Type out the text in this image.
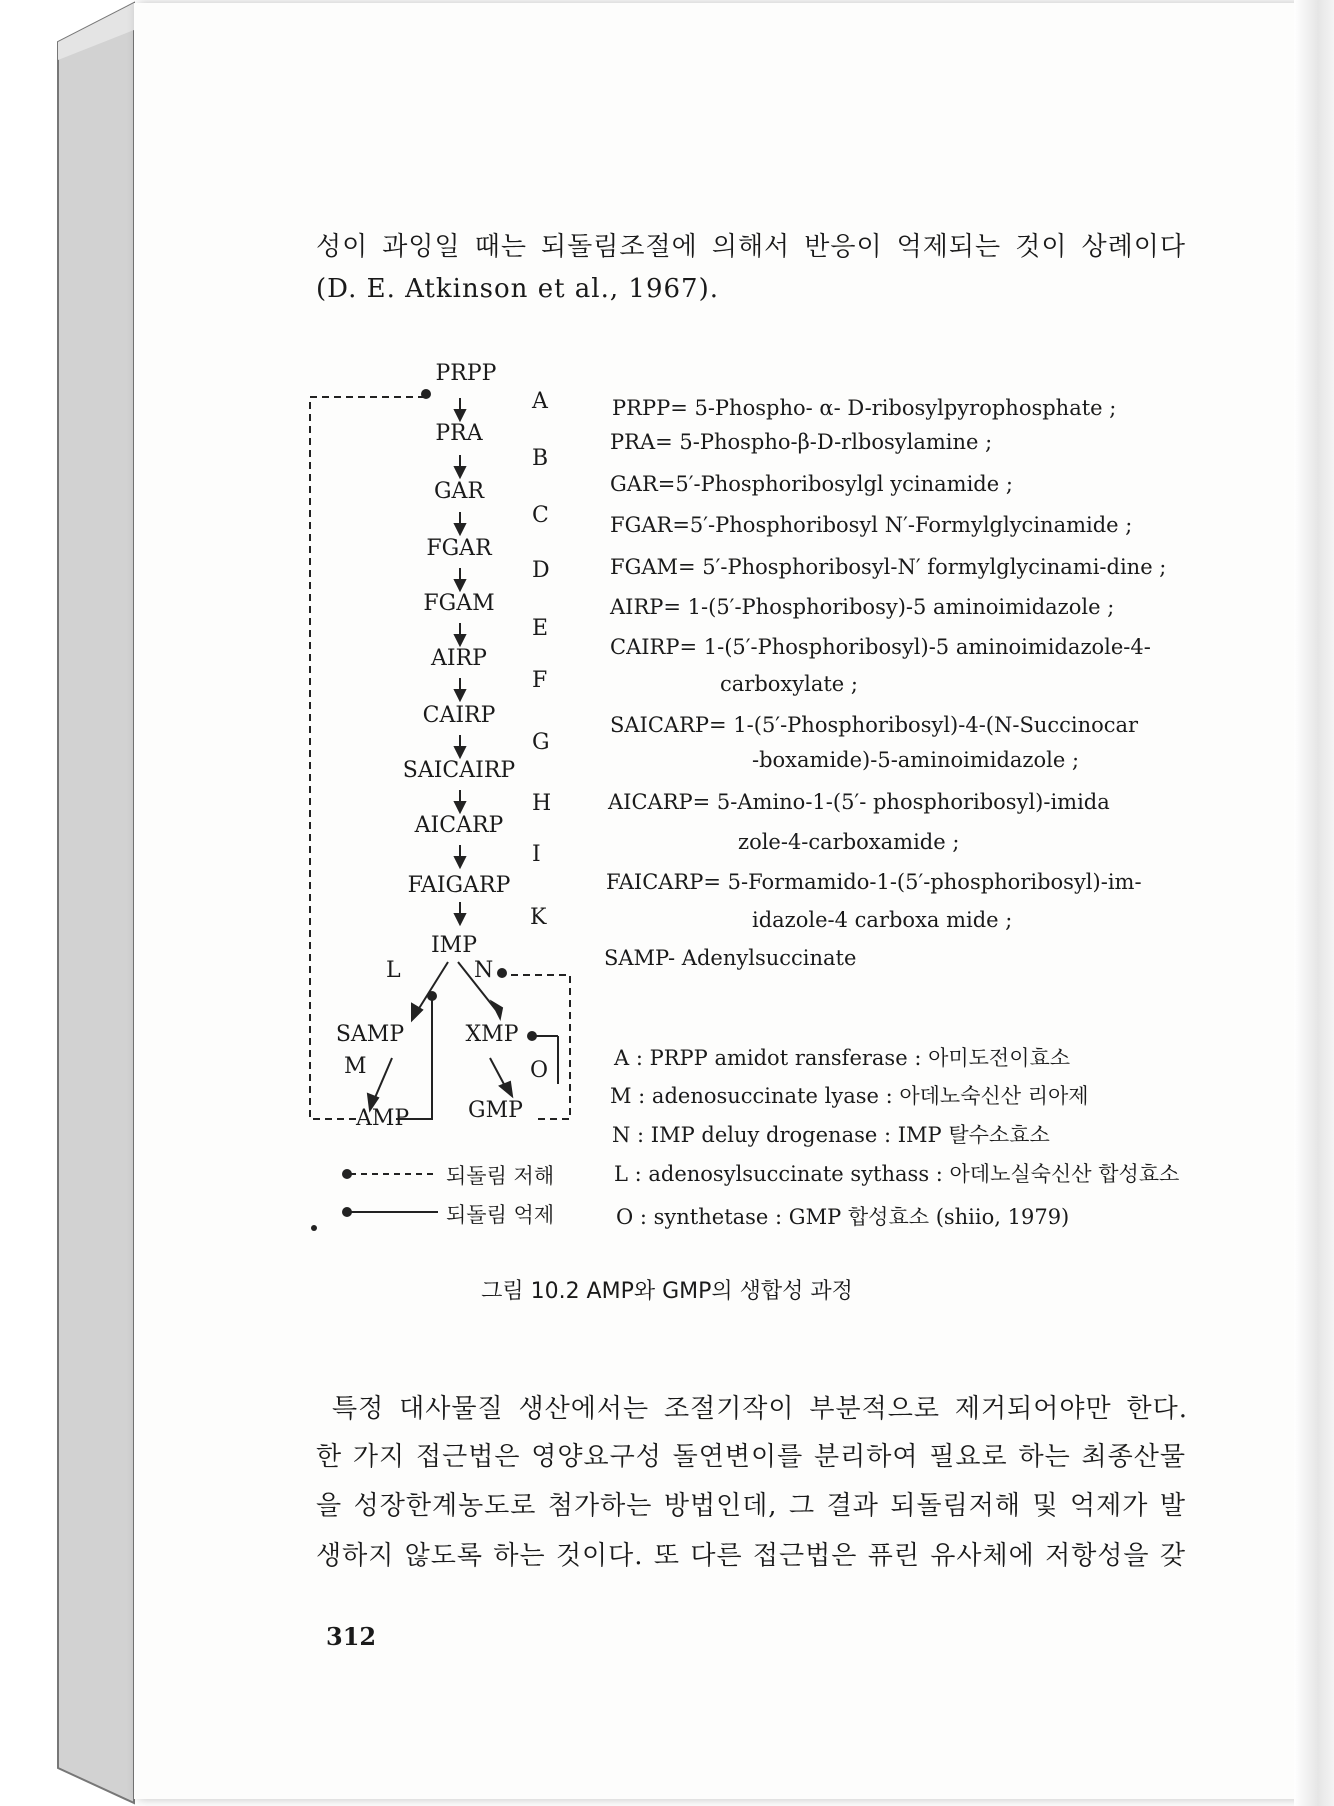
성이 과잉일 때는 되돌림조절에 의해서 반응이 억제되는 것이 상례이다
(D. E. Atkinson et al., 1967).
PRPP
PRA
GAR
FGAR
FGAM
AIRP
CAIRP
SAICAIRP
AICARP
FAIGARP
IMP
L	N
SAMP	XMP
M	O
AMP	GMP
A
B
C
D
E
F
G
H
I
K
PRPP= 5-Phospho- α- D-ribosylpyrophosphate ;
PRA= 5-Phospho-β-D-rlbosylamine ;
GAR=5′-Phosphoribosylgl ycinamide ;
FGAR=5′-Phosphoribosyl N′-Formylglycinamide ;
FGAM= 5′-Phosphoribosyl-N′ formylglycinami-dine ;
AIRP= 1-(5′-Phosphoribosy)-5 aminoimidazole ;
CAIRP= 1-(5′-Phosphoribosyl)-5 aminoimidazole-4-
carboxylate ;
SAICARP= 1-(5′-Phosphoribosyl)-4-(N-Succinocar
-boxamide)-5-aminoimidazole ;
AICARP= 5-Amino-1-(5′- phosphoribosyl)-imida
zole-4-carboxamide ;
FAICARP= 5-Formamido-1-(5′-phosphoribosyl)-im-
idazole-4 carboxa mide ;
SAMP- Adenylsuccinate
A : PRPP amidot ransferase : 아미도전이효소
M : adenosuccinate lyase : 아데노숙신산 리아제
N : IMP deluy drogenase : IMP 탈수소효소
L : adenosylsuccinate sythass : 아데노실숙신산 합성효소
O : synthetase : GMP 합성효소 (shiio, 1979)
되돌림 저해
되돌림 억제
그림 10.2 AMP와 GMP의 생합성 과정
특정 대사물질 생산에서는 조절기작이 부분적으로 제거되어야만 한다.
한 가지 접근법은 영양요구성 돌연변이를 분리하여 필요로 하는 최종산물
을 성장한계농도로 첨가하는 방법인데, 그 결과 되돌림저해 및 억제가 발
생하지 않도록 하는 것이다. 또 다른 접근법은 퓨린 유사체에 저항성을 갖
312
